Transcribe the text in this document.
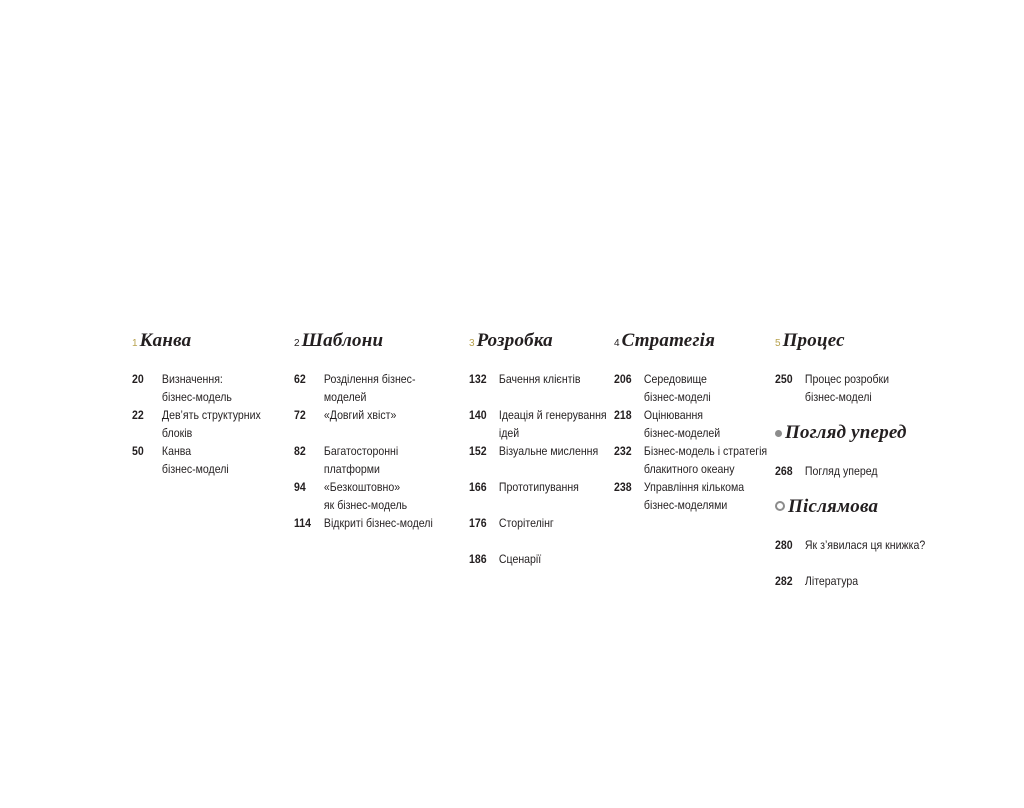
1 Канва
20	Визначення:
бізнес-модель
22	Дев’ять структурних
блоків
50	Канва
бізнес-моделі
2 Шаблони
62	Розділення бізнес-
моделей
72	«Довгий хвіст»
82	Багатосторонні
платформи
94	«Безкоштовно»
як бізнес-модель
114	Відкриті бізнес-моделі
3 Розробка
132	Бачення клієнтів
140	Ідеація й генерування
ідей
152	Візуальне мислення
166	Прототипування
176	Сторітелінг
186	Сценарії
4 Стратегія
206	Середовище
бізнес-моделі
218	Оцінювання
бізнес-моделей
232	Бізнес-модель і стратегія
блакитного океану
238	Управління кількома
бізнес-моделями
5 Процес
250	Процес розробки
бізнес-моделі
Погляд уперед
268	Погляд уперед
Післямова
280	Як з’явилася ця книжка?
282	Література
